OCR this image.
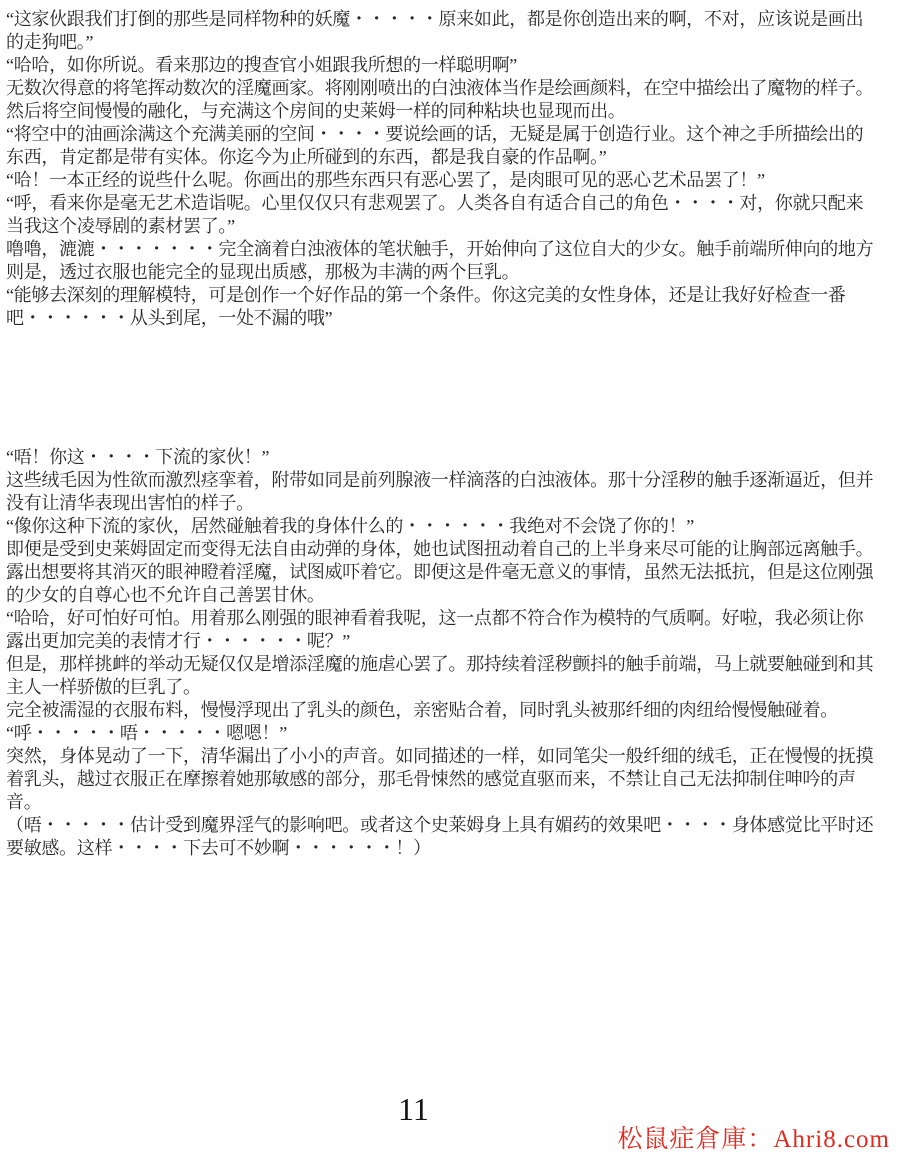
“这家伙跟我们打倒的那些是同样物种的妖魔・・・・・原来如此，都是你创造出来的啊，不对，应该说是画出
的走狗吧。”
“哈哈，如你所说。看来那边的搜查官小姐跟我所想的一样聪明啊”
无数次得意的将笔挥动数次的淫魔画家。将刚刚喷出的白浊液体当作是绘画颜料，在空中描绘出了魔物的样子。
然后将空间慢慢的融化，与充满这个房间的史莱姆一样的同种粘块也显现而出。
“将空中的油画涂满这个充满美丽的空间・・・・要说绘画的话，无疑是属于创造行业。这个神之手所描绘出的
东西，肯定都是带有实体。你迄今为止所碰到的东西，都是我自豪的作品啊。”
“哈！一本正经的说些什么呢。你画出的那些东西只有恶心罢了，是肉眼可见的恶心艺术品罢了！”
“呼，看来你是毫无艺术造诣呢。心里仅仅只有悲观罢了。人类各自有适合自己的角色・・・・对，你就只配来
当我这个凌辱剧的素材罢了。”
噜噜，漉漉・・・・・・・完全滴着白浊液体的笔状触手，开始伸向了这位自大的少女。触手前端所伸向的地方
则是，透过衣服也能完全的显现出质感，那极为丰满的两个巨乳。
“能够去深刻的理解模特，可是创作一个好作品的第一个条件。你这完美的女性身体，还是让我好好检查一番
吧・・・・・・从头到尾，一处不漏的哦”
“唔！你这・・・・下流的家伙！”
这些绒毛因为性欲而激烈痉挛着，附带如同是前列腺液一样滴落的白浊液体。那十分淫秽的触手逐渐逼近，但并
没有让清华表现出害怕的样子。
“像你这种下流的家伙，居然碰触着我的身体什么的・・・・・・我绝对不会饶了你的！”
即便是受到史莱姆固定而变得无法自由动弹的身体，她也试图扭动着自己的上半身来尽可能的让胸部远离触手。
露出想要将其消灭的眼神瞪着淫魔，试图威吓着它。即便这是件毫无意义的事情，虽然无法抵抗，但是这位刚强
的少女的自尊心也不允许自己善罢甘休。
“哈哈，好可怕好可怕。用着那么刚强的眼神看着我呢，这一点都不符合作为模特的气质啊。好啦，我必须让你
露出更加完美的表情才行・・・・・・呢？”
但是，那样挑衅的举动无疑仅仅是增添淫魔的施虐心罢了。那持续着淫秽颤抖的触手前端，马上就要触碰到和其
主人一样骄傲的巨乳了。
完全被濡湿的衣服布料，慢慢浮现出了乳头的颜色，亲密贴合着，同时乳头被那纤细的肉纽给慢慢触碰着。
“呼・・・・・唔・・・・・嗯嗯！”
突然，身体晃动了一下，清华漏出了小小的声音。如同描述的一样，如同笔尖一般纤细的绒毛，正在慢慢的抚摸
着乳头，越过衣服正在摩擦着她那敏感的部分，那毛骨悚然的感觉直驱而来，不禁让自己无法抑制住呻吟的声
音。
（唔・・・・・估计受到魔界淫气的影响吧。或者这个史莱姆身上具有媚药的效果吧・・・・身体感觉比平时还
要敏感。这样・・・・下去可不妙啊・・・・・・！）
11
松鼠症倉庫：Ahri8.com
